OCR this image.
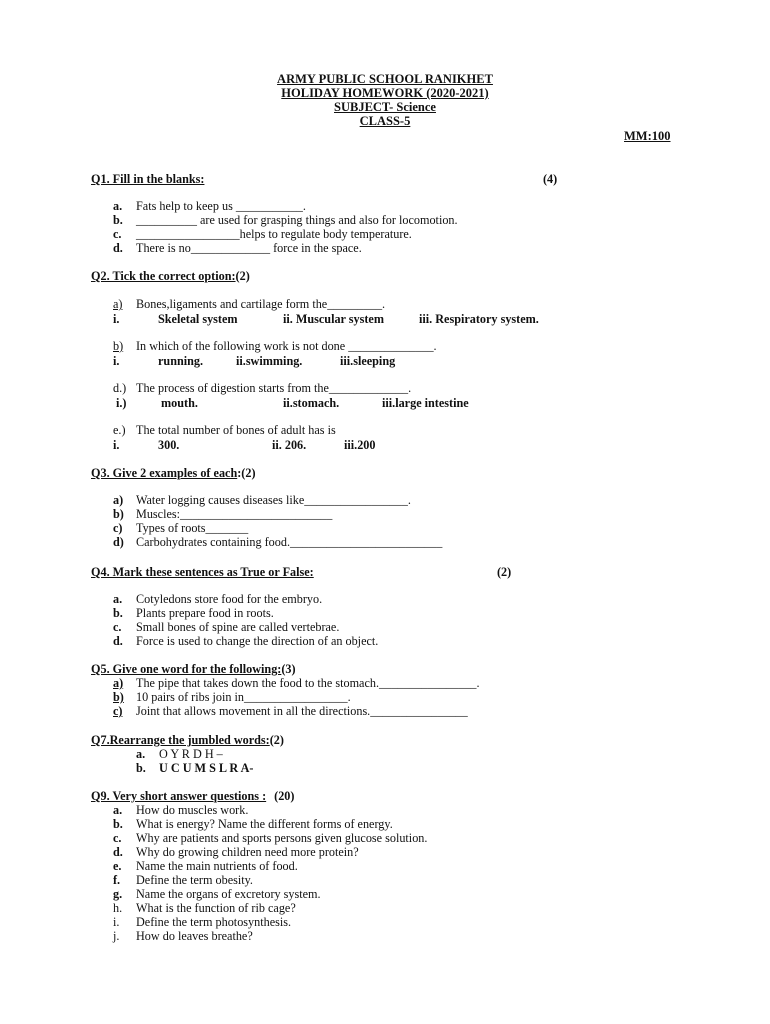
ARMY PUBLIC SCHOOL RANIKHET
HOLIDAY HOMEWORK (2020-2021)
SUBJECT- Science
CLASS-5
MM:100
Q1. Fill in the blanks:	(4)
a. Fats help to keep us ___________.
b. __________ are used for grasping things and also for locomotion.
c. _________________helps to regulate body temperature.
d. There is no_____________ force in the space.
Q2. Tick the correct option:(2)
a) Bones,ligaments and cartilage form the_________.
i.	Skeletal system	ii. Muscular system	iii. Respiratory system.
b) In which of the following work is not done ______________.
i.	running.	ii.swimming.	iii.sleeping
d.) The process of digestion starts from the_____________.
i.)	mouth.	ii.stomach.	iii.large intestine
e.) The total number of bones of adult has is
i.	300.	ii. 206.	iii.200
Q3. Give 2 examples of each:(2)
a) Water logging causes diseases like_________________.
b) Muscles:_________________________
c) Types of roots_______
d) Carbohydrates containing food._________________________
Q4. Mark these sentences as True or False:	(2)
a. Cotyledons store food for the embryo.
b. Plants prepare food in roots.
c. Small bones of spine are called vertebrae.
d. Force is used to change the direction of an object.
Q5. Give one word for the following:(3)
a) The pipe that takes down the food to the stomach.________________.
b) 10 pairs of ribs join in_________________.
c) Joint that allows movement in all the directions.________________
Q7.Rearrange the jumbled words:(2)
a. O Y R D H –
b. U C U M S L R A-
Q9. Very short answer questions : (20)
a. How do muscles work.
b. What is energy? Name the different forms of energy.
c. Why are patients and sports persons given glucose solution.
d. Why do growing children need more protein?
e. Name the main nutrients of food.
f. Define the term obesity.
g. Name the organs of excretory system.
h. What is the function of rib cage?
i. Define the term photosynthesis.
j. How do leaves breathe?
